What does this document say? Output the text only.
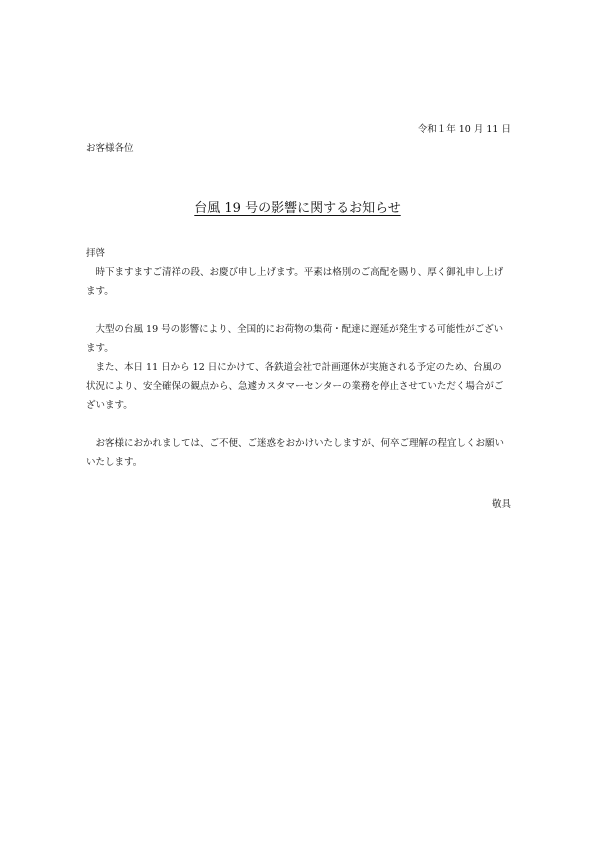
令和１年 10 月 11 日
お客様各位
台風 19 号の影響に関するお知らせ

拝啓

　時下ますますご清祥の段、お慶び申し上げます。平素は格別のご高配を賜り、厚く御礼申し上げます。

　大型の台風 19 号の影響により、全国的にお荷物の集荷・配達に遅延が発生する可能性がございます。

　また、本日 11 日から 12 日にかけて、各鉄道会社で計画運休が実施される予定のため、台風の状況により、安全確保の観点から、急遽カスタマーセンターの業務を停止させていただく場合がございます。

　お客様におかれましては、ご不便、ご迷惑をおかけいたしますが、何卒ご理解の程宜しくお願いいたします。

敬具
